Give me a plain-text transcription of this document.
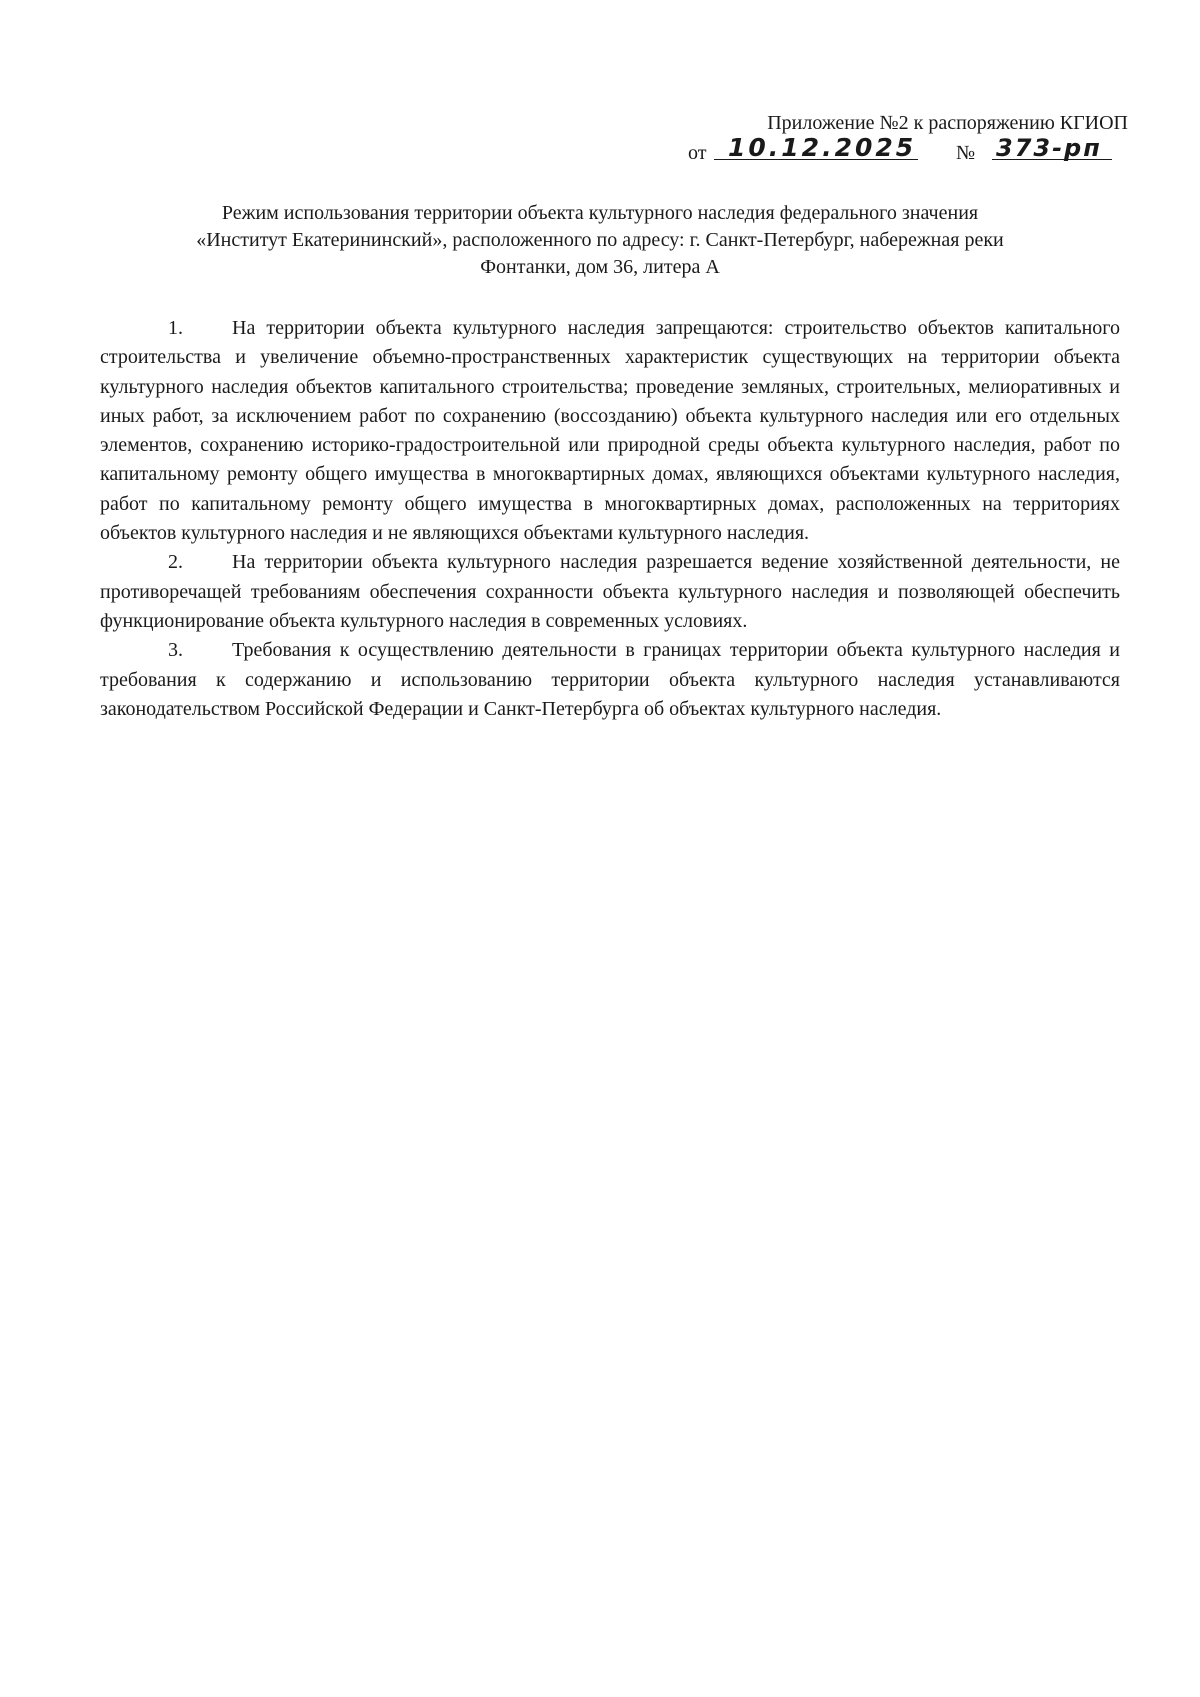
Приложение №2 к распоряжению КГИОП
от 10.12.2025 № 373-рп
Режим использования территории объекта культурного наследия федерального значения
«Институт Екатерининский», расположенного по адресу: г. Санкт-Петербург, набережная реки
Фонтанки, дом 36, литера А

1. На территории объекта культурного наследия запрещаются: строительство объектов капитального строительства и увеличение объемно-пространственных характеристик существующих на территории объекта культурного наследия объектов капитального строительства; проведение земляных, строительных, мелиоративных и иных работ, за исключением работ по сохранению (воссозданию) объекта культурного наследия или его отдельных элементов, сохранению историко-градостроительной или природной среды объекта культурного наследия, работ по капитальному ремонту общего имущества в многоквартирных домах, являющихся объектами культурного наследия, работ по капитальному ремонту общего имущества в многоквартирных домах, расположенных на территориях объектов культурного наследия и не являющихся объектами культурного наследия.

2. На территории объекта культурного наследия разрешается ведение хозяйственной деятельности, не противоречащей требованиям обеспечения сохранности объекта культурного наследия и позволяющей обеспечить функционирование объекта культурного наследия в современных условиях.

3. Требования к осуществлению деятельности в границах территории объекта культурного наследия и требования к содержанию и использованию территории объекта культурного наследия устанавливаются законодательством Российской Федерации и Санкт-Петербурга об объектах культурного наследия.
